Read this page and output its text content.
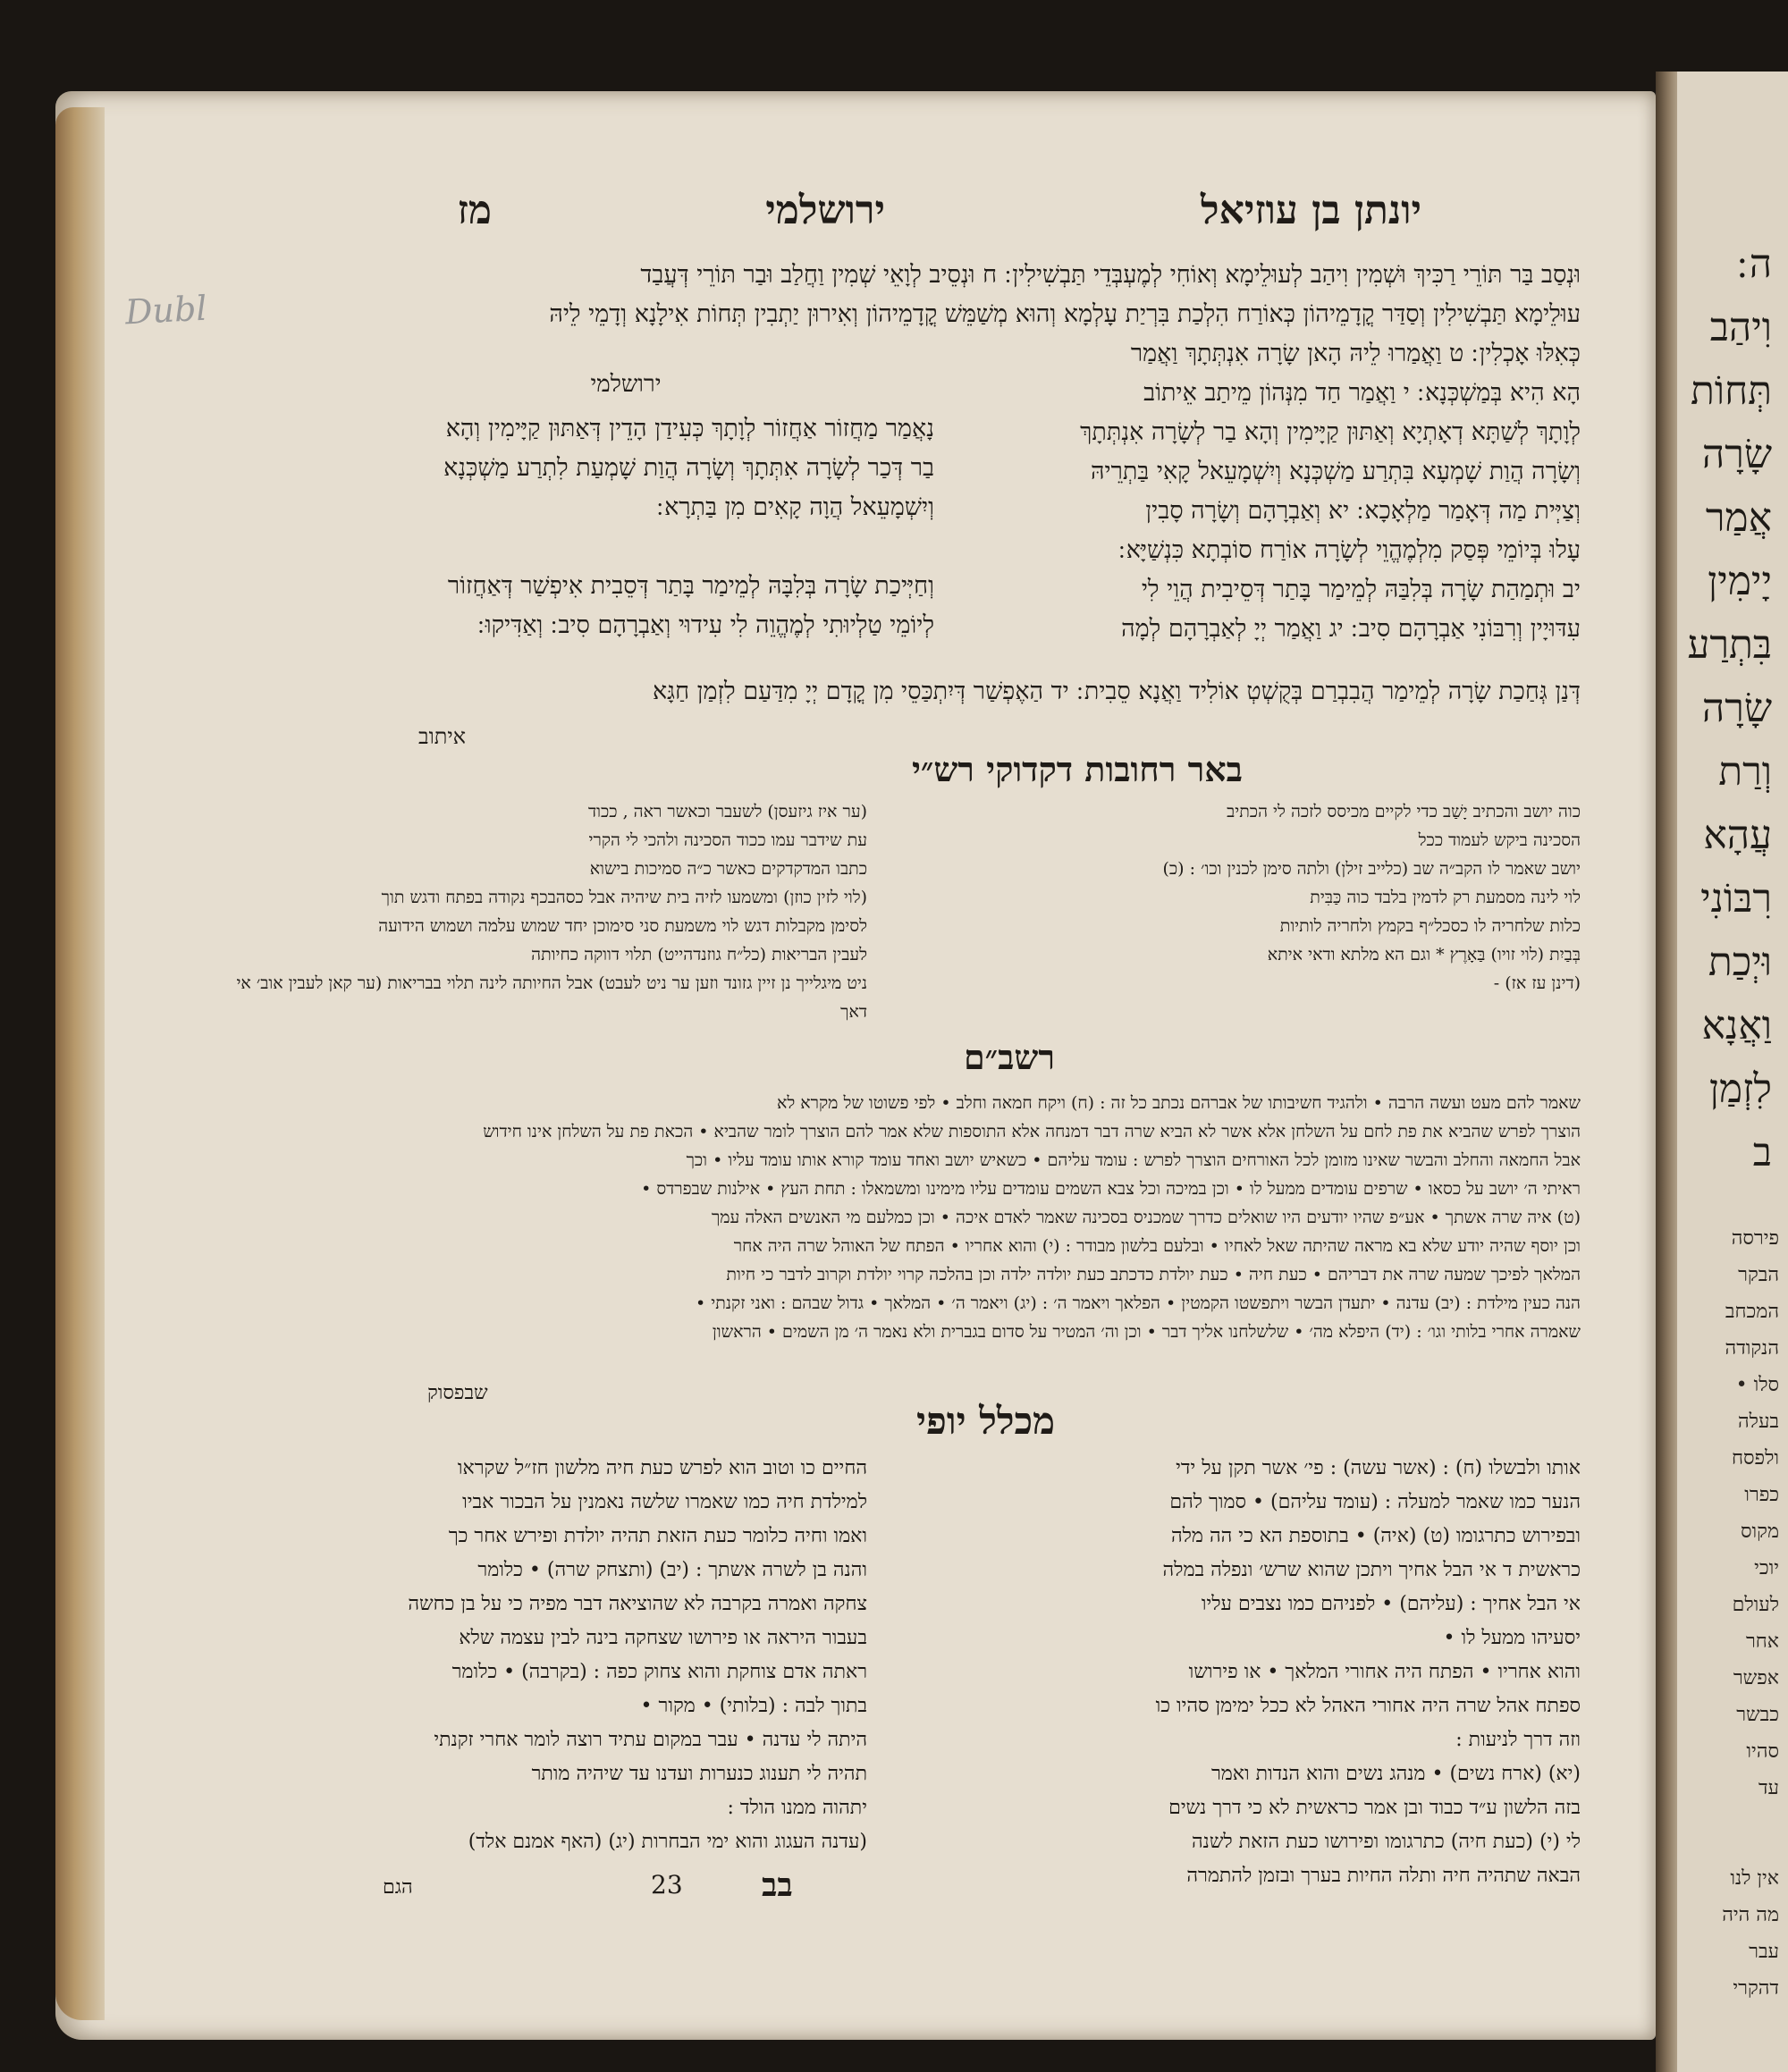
ה ׃
וִיהַב
תְּחוֹת
שָׂרָה
אֲמַר
יָימִין
בִּתְרַע
שָׂרָה
וְרַת
עֲהָא
רִבּוֹנִי
וּיְכַת
וַאֲנָא
לִזְמַן
ב
פירסה
הבקר
המכחב
הנקודה
סלו •
בעלה
ולפסח
כפרו
מקוס
יוכי
לעולם
אחר
אפשר
כבשר
סהיו
עד
אין לנו
מה היה
עבר
דהקרי
Dubl
יונתן בן עוזיאל
ירושלמי
מז
וּנְסַב בַּר תּוֹרֵי רַכִּיךְ וּשְׁמִין וִיהַב לְעוּלֵימָא וְאוֹחִי לְמֶעְבְּדֵי תַּבְשִׁילִין ׃ ח וּנְסֵיב לְוָאֵי שְׁמִין וַחֲלַב וּבַר תּוֹרֵי דְּעֲבַד
עוּלֵימָא תַּבְשִׁילִין וְסַדַּר קֳדָמֵיהוֹן כְּאוֹרַח הִלְכַת בִּרְיַת עָלְמָא וְהוּא מְשַׁמֵּשׁ קֳדָמֵיהוֹן וְאִירוּן יַתְבִין תְּחוֹת אִילָנָא וְדָמֵי לֵיהּ
כְּאִלּוּ אָכְלִין ׃ ט וַאֲמַרוּ לֵיהּ הָאן שָׂרָה אִנְתְּתָךְ וַאֲמַר
הָא הִיא בְּמַשְׁכְּנָא ׃ י וַאֲמַר חַד מִנְּהוֹן מֵיתַב אֵיתוֹב
לְוָתָךְ לְשַׁתָּא דְאָתְיָא וְאַתּוּן קַיָּימִין וְהָא בַר לְשָׂרָה אִנְתְּתָךְ
וְשָׂרָה הֲוַת שָׁמְעָא בִּתְרַע מַשְׁכְּנָא וְיִשְׁמָעֵאל קָאִי בַּתְרֵיהּ
וְצַיְּית מַה דְּאָמַר מַלְאָכָא ׃ יא וְאַבְרָהָם וְשָׂרָה סָבִין
עָלוּ בְּיוֹמֵי פְּסַק מִלְמֶהֱוֵי לְשָׂרָה אוֹרַח סוֹבְתָא כִּנְשַׁיָּא ׃
יב וּתְמַהַת שָׂרָה בְּלִבַּהּ לְמֵימַר בָּתַר דְּסֵיבִית הֲוֵי לִי
עִדּוּיָין וְרִבּוֹנִי אַבְרָהָם סִיב ׃ יג וַאֲמַר יְיָ לְאַבְרָהָם לְמָה
ירושלמי
נָאֲמַר מַחֲזוֹר אַחֲזוֹר לְוָתָךְ כְּעִידַן הָדֵין דְּאַתּוּן קַיָּימִין וְהָא
בַר דְּכַר לְשָׂרָה אִתְּתָךְ וְשָׂרָה הֲוַת שָׁמְעַת לִתְרַע מַשְׁכְּנָא
וְיִשְׁמָעֵאל הֲוָה קָאִים מִן בַּתְרָא ׃
וְחַיְּיכַת שָׂרָה בְּלִבָּהּ לְמֵימַר בָּתַר דְּסֵבִית אִיפְשַׁר דְּאַחֲזוֹר
לְיוֹמֵי טַלְיוּתִי לְמֶהֱוֵה לִי עִידוּי וְאַבְרָהָם סִיב ׃ וְאַדִּיקוּ ׃
דְּנַן גְּחַכַת שָׂרָה לְמֵימַר הֲבִבְרַם בְּקֻשְׁטְ אוֹלִיד וַאֲנָא סֵבִית ׃ יד הַאֶפְשַׁר דְּיִתְכַּסֵי מִן קֳדָם יְיָ מִדַּעַם לִזְמַן חַגָּא
איתוב
באר רחובות דקדוקי רש״י
כוה יושב והכתיב יָשַׁב כדי לקיים מכיסס לזכה לי הכתיב
הסכינה ביקש לעמוד ככל
יושב שאמר לו הקב״ה שב (כלייב זילן) ולתה סימן לכנין וכו׳ : (כ)
לוי לינה מסמעת רק לדמין בלבד כוה כַּבִּית
כלות שלחריה לו כסכל״ף בקמץ ולחריה לותיות
בְּבַיִת (לוי זויו) בַּאָרֶץ * וגם הא מלתא ודאי איתא
(דינן עז אז) -
(ער איז גיזעסן) לשעבר וכאשר ראה , ככוד
עת שידבר עמו ככוד הסכינה ולהכי לי הקרי
כתבו המדקדקים כאשר כ״ה סמיכות בישוא
(לוי לזין כוזן) ומשמעו לזיה בית שיהיה אבל כסהבכף נקודה בפתח ודגש תוך
לסימן מקבלות דגש לוי משמעת סני סימוכן יחד שמוש עלמה ושמוש הידועה
לעבין הבריאות (כל״ח גוזנדהייט) תלוי דווקה כחיותה
ניט מיגלייך נן זיין גזונד וזען ער ניט לעבט) אבל החיותה לינה תלוי בבריאות (ער קאן לעבין אוב׳ אי
דאך
רשב״ם
שאמר להם מעט ועשה הרבה • ולהגיד חשיבותו של אברהם נכתב כל זה : (ח) ויקח חמאה וחלב • לפי פשוטו של מקרא לא
הוצרך לפרש שהביא את פת לחם על השלחן אלא אשר לא הביא שרה דבר דמנחה אלא התוספות שלא אמר להם הוצרך לומר שהביא • הכאת פת על השלחן אינו חידוש
אבל החמאה והחלב והבשר שאינו מזומן לכל האורחים הוצרך לפרש : עומד עליהם • כשאיש יושב ואחד עומד קורא אותו עומד עליו • וכך
ראיתי ה׳ יושב על כסאו • שרפים עומדים ממעל לו • וכן במיכה וכל צבא השמים עומדים עליו מימינו ומשמאלו : תחת העץ • אילנות שבפרדס •
(ט) איה שרה אשתך • אע״פ שהיו יודעים היו שואלים כדרך שמכניס בסכינה שאמר לאדם איכה • וכן כמלעם מי האנשים האלה עמך
וכן יוסף שהיה יודע שלא בא מראה שהיתה שאל לאחיו • ובלעם בלשון מבודר : (י) והוא אחריו • הפתח של האוהל שרה היה אחר
המלאך לפיכך שמעה שרה את דבריהם • כעת חיה • כעת יולדת כדכתב כעת יולדה ילדה וכן בהלכה קרוי יולדת וקרוב לדבר כי חיות
הנה כעין מילדת : (יב) עדנה • יתעדן הבשר ויתפשטו הקמטין • הפלאך ויאמר ה׳ : (יג) ויאמר ה׳ • המלאך • גדול שבהם : ואני זקנתי •
שאמרה אחרי בלותי וגו׳ : (יד) היפלא מה׳ • שלשלחנו אליך דבר • וכן וה׳ המטיר על סדום בגברית ולא נאמר ה׳ מן השמים • הראשון
שבפסוק
מכלל יופי
אותו ולבשלו (ח) : (אשר עשה) : פי׳ אשר תקן על ידי
הנער כמו שאמר למעלה : (עומד עליהם) • סמוך להם
ובפירוש כתרגומו (ט) (איה) • בתוספת הא כי הה מלה
כראשית ד אי הבל אחיך ויתכן שהוא שרש׳ ונפלה במלה
אי הבל אחיך : (עליהם) • לפניהם כמו נצבים עליו
יסעיהו ממעל לו •
והוא אחריו • הפתח היה אחורי המלאך • או פירושו
ספתח אהל שרה היה אחורי האהל לא ככל ימימן סהיו כו
וזה דרך לניעות :
(יא) (ארח נשים) • מנהג נשים והוא הנדות ואמר
בזה הלשון ע״ד כבוד ובן אמר כראשית לא כי דרך נשים
לי (י) (כעת חיה) כתרגומו ופירושו כעת הזאת לשנה
הבאה שתהיה חיה ותלה החיות בערך ובזמן להתמרה
החיים כו וטוב הוא לפרש כעת חיה מלשון חז״ל שקראו
למילדת חיה כמו שאמרו שלשה נאמנין על הבכור אביו
ואמו וחיה כלומר כעת הזאת תהיה יולדת ופירש אחר כך
והנה בן לשרה אשתך : (יב) (ותצחק שרה) • כלומר
צחקה ואמרה בקרבה לא שהוציאה דבר מפיה כי על בן כחשה
בעבור היראה או פירושו שצחקה בינה לבין עצמה שלא
ראתה אדם צוחקת והוא צחוק כפה : (בקרבה) • כלומר
בתוך לבה : (בלותי) • מקור •
היתה לי עדנה • עבר במקום עתיד רוצה לומר אחרי זקנתי
תהיה לי תענוג כנערות ועדנו עד שיהיה מותר
יתהוה ממנו הולד :
(עדנה העגוג והוא ימי הבחרות (יג) (האף אמנם אלד)
הגם	23 בב
